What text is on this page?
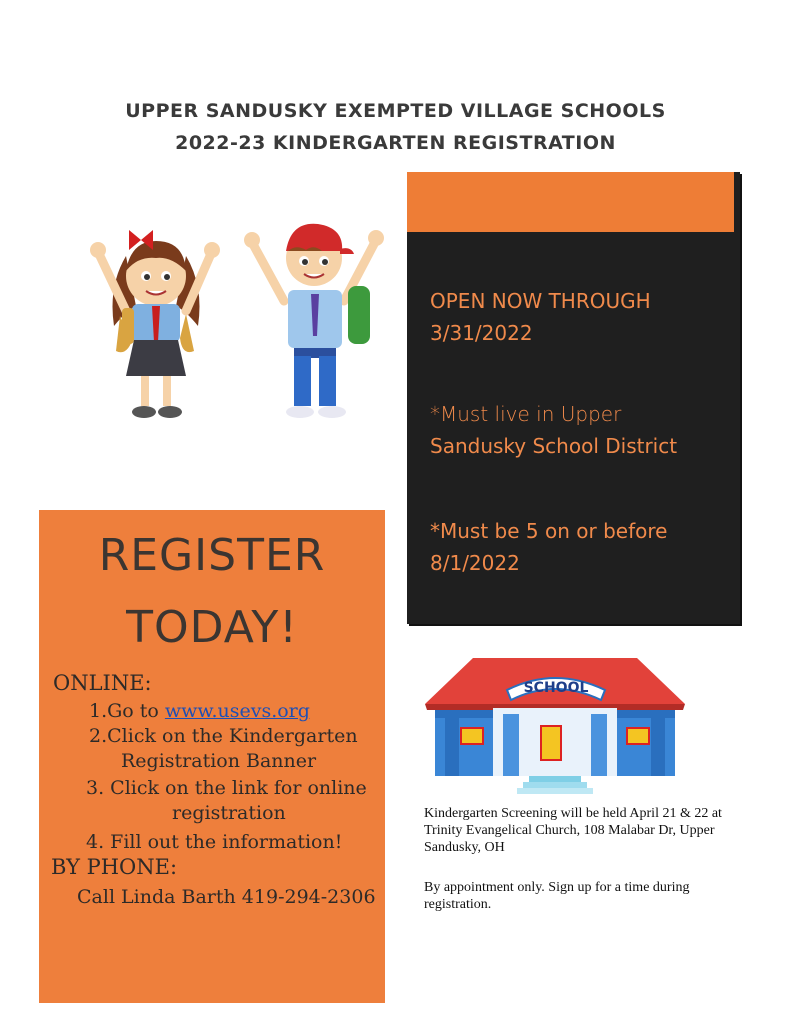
UPPER SANDUSKY EXEMPTED VILLAGE SCHOOLS
2022-23 KINDERGARTEN REGISTRATION
OPEN NOW THROUGH
3/31/2022
*Must live in Upper
Sandusky School District
*Must be 5 on or before
8/1/2022
REGISTER
TODAY!
ONLINE:
1.Go to www.usevs.org
2.Click on the Kindergarten
Registration Banner
3. Click on the link for online
registration
4. Fill out the information!
BY PHONE:
Call Linda Barth 419-294-2306
SCHOOL
Kindergarten Screening will be held April 21 & 22 at Trinity Evangelical Church, 108 Malabar Dr, Upper Sandusky, OH
By appointment only. Sign up for a time during registration.
